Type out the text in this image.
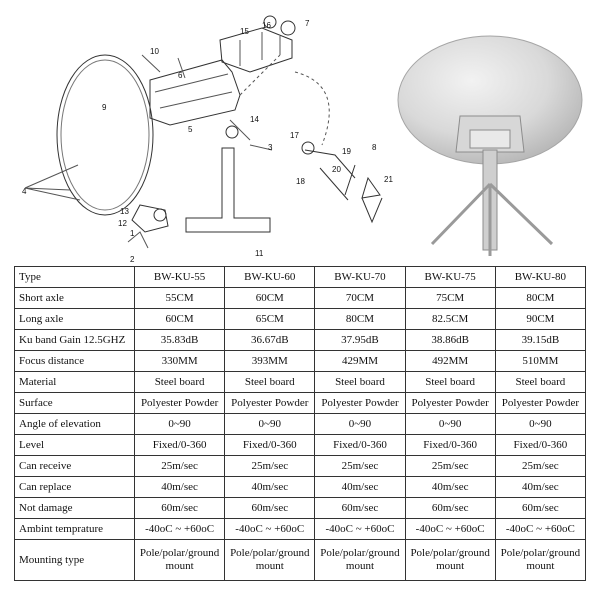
1
2
3
4
5
6
7
8
9
10
11
12
13
14
15
16
17
18
19
20
21
Type	BW-KU-55	BW-KU-60	BW-KU-70	BW-KU-75	BW-KU-80
Short axle	55CM	60CM	70CM	75CM	80CM
Long axle	60CM	65CM	80CM	82.5CM	90CM
Ku band Gain 12.5GHZ	35.83dB	36.67dB	37.95dB	38.86dB	39.15dB
Focus distance	330MM	393MM	429MM	492MM	510MM
Material	Steel board	Steel board	Steel board	Steel board	Steel board
Surface	Polyester Powder	Polyester Powder	Polyester Powder	Polyester Powder	Polyester Powder
Angle of elevation	0~90	0~90	0~90	0~90	0~90
Level	Fixed/0-360	Fixed/0-360	Fixed/0-360	Fixed/0-360	Fixed/0-360
Can receive	25m/sec	25m/sec	25m/sec	25m/sec	25m/sec
Can replace	40m/sec	40m/sec	40m/sec	40m/sec	40m/sec
Not damage	60m/sec	60m/sec	60m/sec	60m/sec	60m/sec
Ambint temprature	-40oC ~ +60oC	-40oC ~ +60oC	-40oC ~ +60oC	-40oC ~ +60oC	-40oC ~ +60oC
Mounting type	Pole/polar/ground mount	Pole/polar/ground mount	Pole/polar/ground mount	Pole/polar/ground mount	Pole/polar/ground mount
